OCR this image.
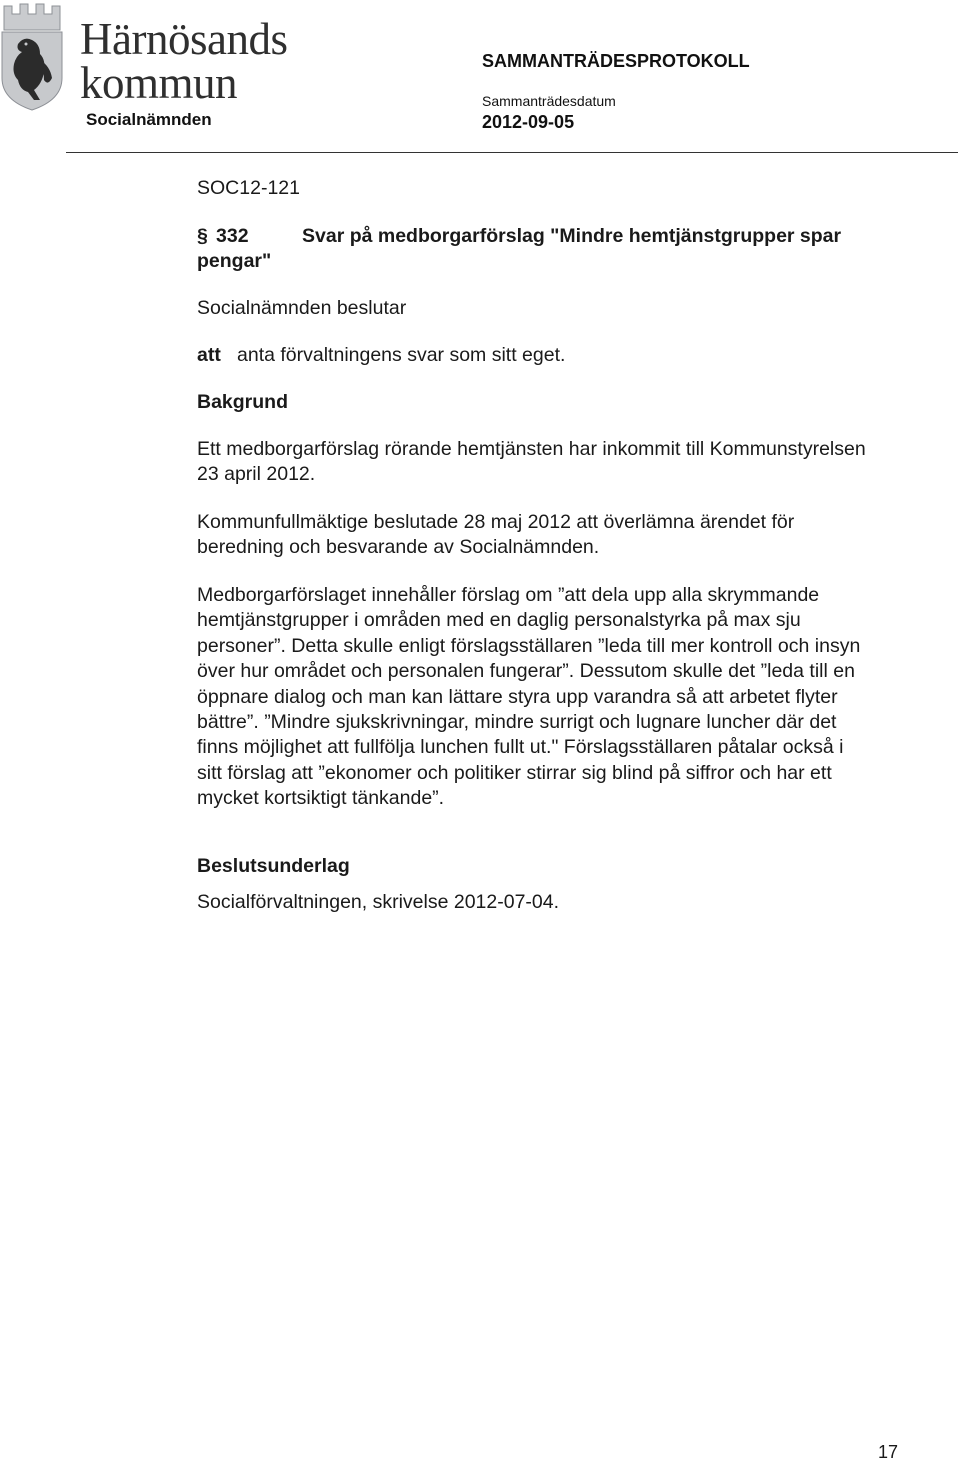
Härnösands
kommun
Socialnämnden
SAMMANTRÄDESPROTOKOLL
Sammanträdesdatum
2012-09-05
SOC12-121
§ 332	Svar på medborgarförslag "Mindre hemtjänstgrupper spar
pengar"
Socialnämnden beslutar
att anta förvaltningens svar som sitt eget.
Bakgrund
Ett medborgarförslag rörande hemtjänsten har inkommit till Kommunstyrelsen
23 april 2012.
Kommunfullmäktige beslutade 28 maj 2012 att överlämna ärendet för
beredning och besvarande av Socialnämnden.
Medborgarförslaget innehåller förslag om ”att dela upp alla skrymmande
hemtjänstgrupper i områden med en daglig personalstyrka på max sju
personer”. Detta skulle enligt förslagsställaren ”leda till mer kontroll och insyn
över hur området och personalen fungerar”. Dessutom skulle det ”leda till en
öppnare dialog och man kan lättare styra upp varandra så att arbetet flyter
bättre”. ”Mindre sjukskrivningar, mindre surrigt och lugnare luncher där det
finns möjlighet att fullfölja lunchen fullt ut." Förslagsställaren påtalar också i
sitt förslag att ”ekonomer och politiker stirrar sig blind på siffror och har ett
mycket kortsiktigt tänkande”.
Beslutsunderlag
Socialförvaltningen, skrivelse 2012-07-04.
17
